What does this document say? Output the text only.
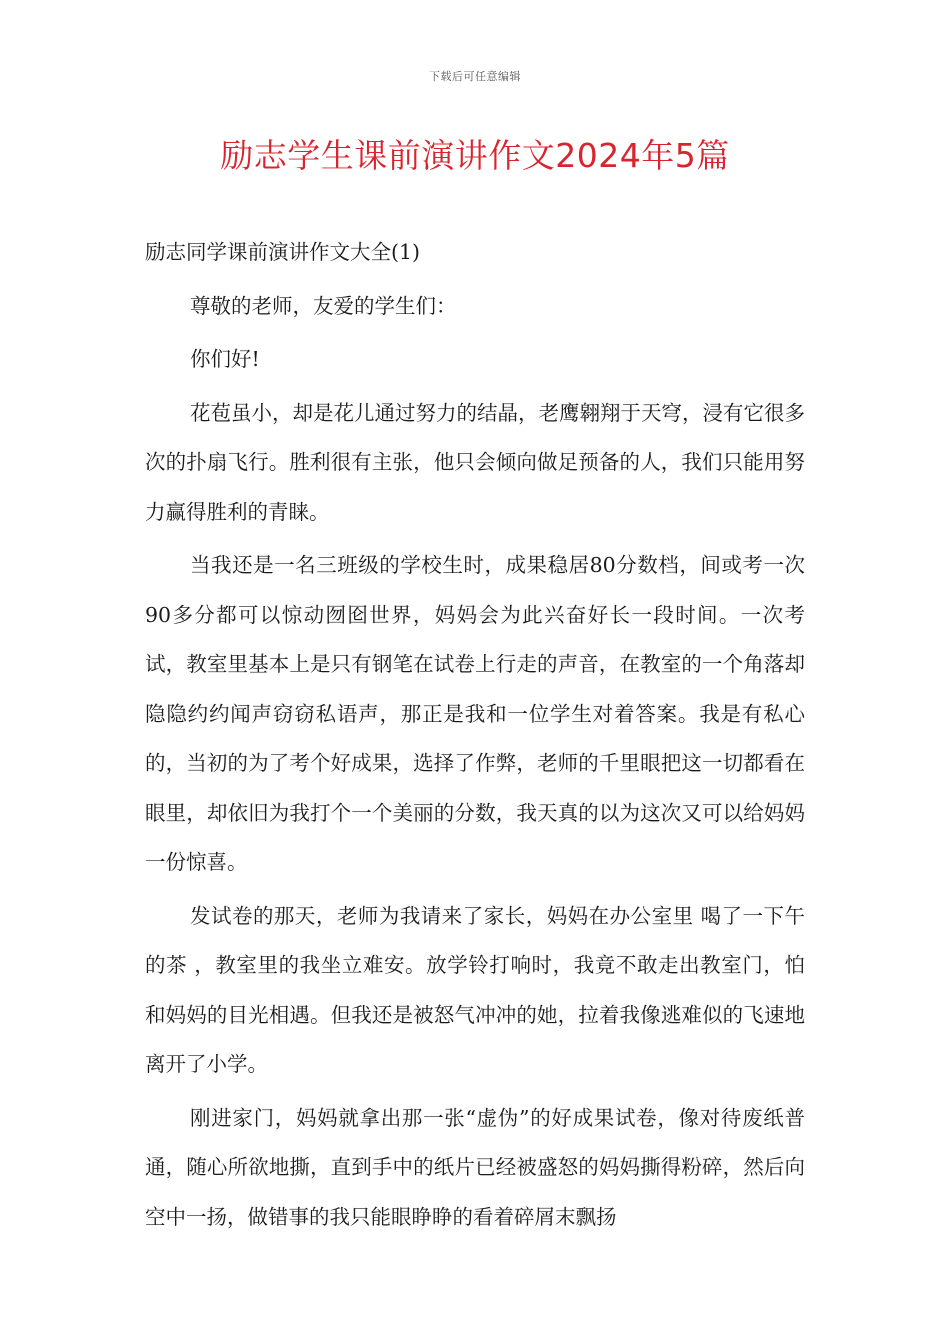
下载后可任意编辑
励志学生课前演讲作文2024年5篇

励志同学课前演讲作文大全(1)

尊敬的老师，友爱的学生们：

你们好!

花苞虽小，却是花儿通过努力的结晶，老鹰翱翔于天穹，浸有它很多次的扑扇飞行。胜利很有主张，他只会倾向做足预备的人，我们只能用努力赢得胜利的青睐。

当我还是一名三班级的学校生时，成果稳居80分数档，间或考一次90多分都可以惊动囫囵世界，妈妈会为此兴奋好长一段时间。一次考试，教室里基本上是只有钢笔在试卷上行走的声音，在教室的一个角落却隐隐约约闻声窃窃私语声，那正是我和一位学生对着答案。我是有私心的，当初的为了考个好成果，选择了作弊，老师的千里眼把这一切都看在眼里，却依旧为我打个一个美丽的分数，我天真的以为这次又可以给妈妈一份惊喜。

发试卷的那天，老师为我请来了家长，妈妈在办公室里 喝了一下午的茶 ，教室里的我坐立难安。放学铃打响时，我竟不敢走出教室门，怕和妈妈的目光相遇。但我还是被怒气冲冲的她，拉着我像逃难似的飞速地离开了小学。

刚进家门，妈妈就拿出那一张“虚伪”的好成果试卷，像对待废纸普通，随心所欲地撕，直到手中的纸片已经被盛怒的妈妈撕得粉碎，然后向空中一扬，做错事的我只能眼睁睁的看着碎屑末飘扬
